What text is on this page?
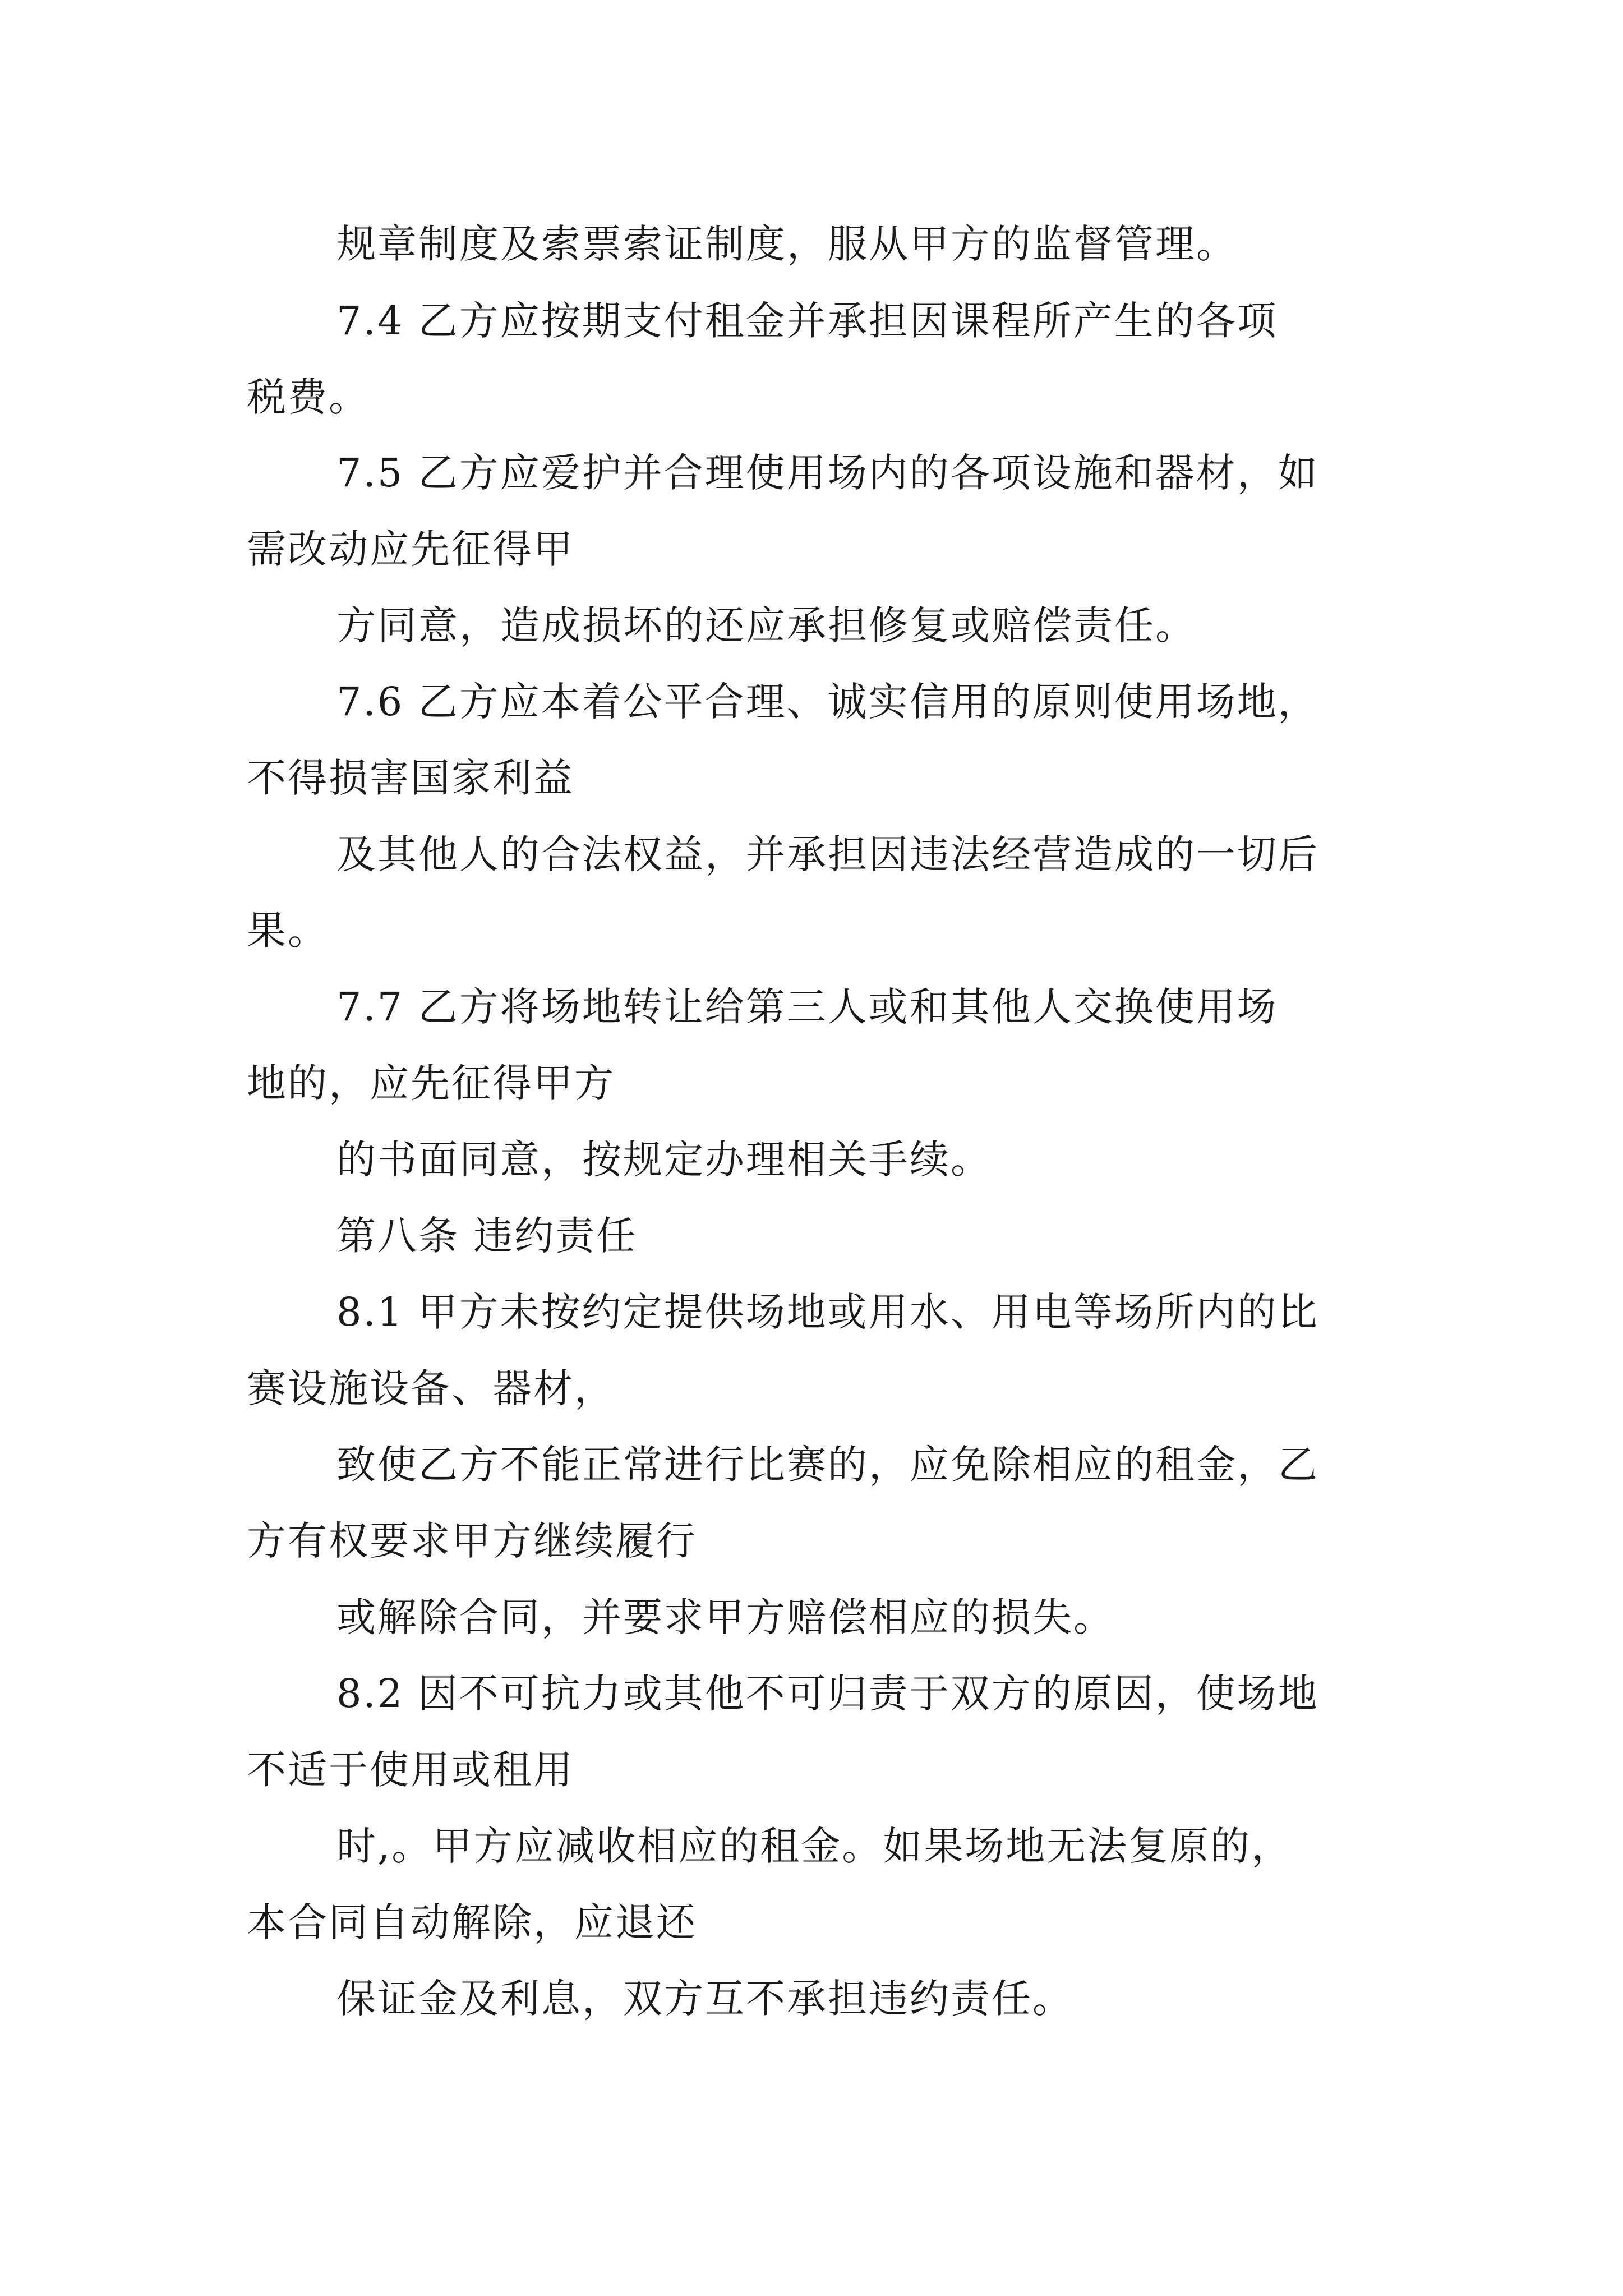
规章制度及索票索证制度，服从甲方的监督管理。
7.4 乙方应按期支付租金并承担因课程所产生的各项
税费。
7.5 乙方应爱护并合理使用场内的各项设施和器材，如
需改动应先征得甲
方同意，造成损坏的还应承担修复或赔偿责任。
7.6 乙方应本着公平合理、诚实信用的原则使用场地，
不得损害国家利益
及其他人的合法权益，并承担因违法经营造成的一切后
果。
7.7 乙方将场地转让给第三人或和其他人交换使用场
地的，应先征得甲方
的书面同意，按规定办理相关手续。
第八条 违约责任
8.1 甲方未按约定提供场地或用水、用电等场所内的比
赛设施设备、器材，
致使乙方不能正常进行比赛的，应免除相应的租金，乙
方有权要求甲方继续履行
或解除合同，并要求甲方赔偿相应的损失。
8.2 因不可抗力或其他不可归责于双方的原因，使场地
不适于使用或租用
时,。甲方应减收相应的租金。如果场地无法复原的，
本合同自动解除，应退还
保证金及利息，双方互不承担违约责任。
